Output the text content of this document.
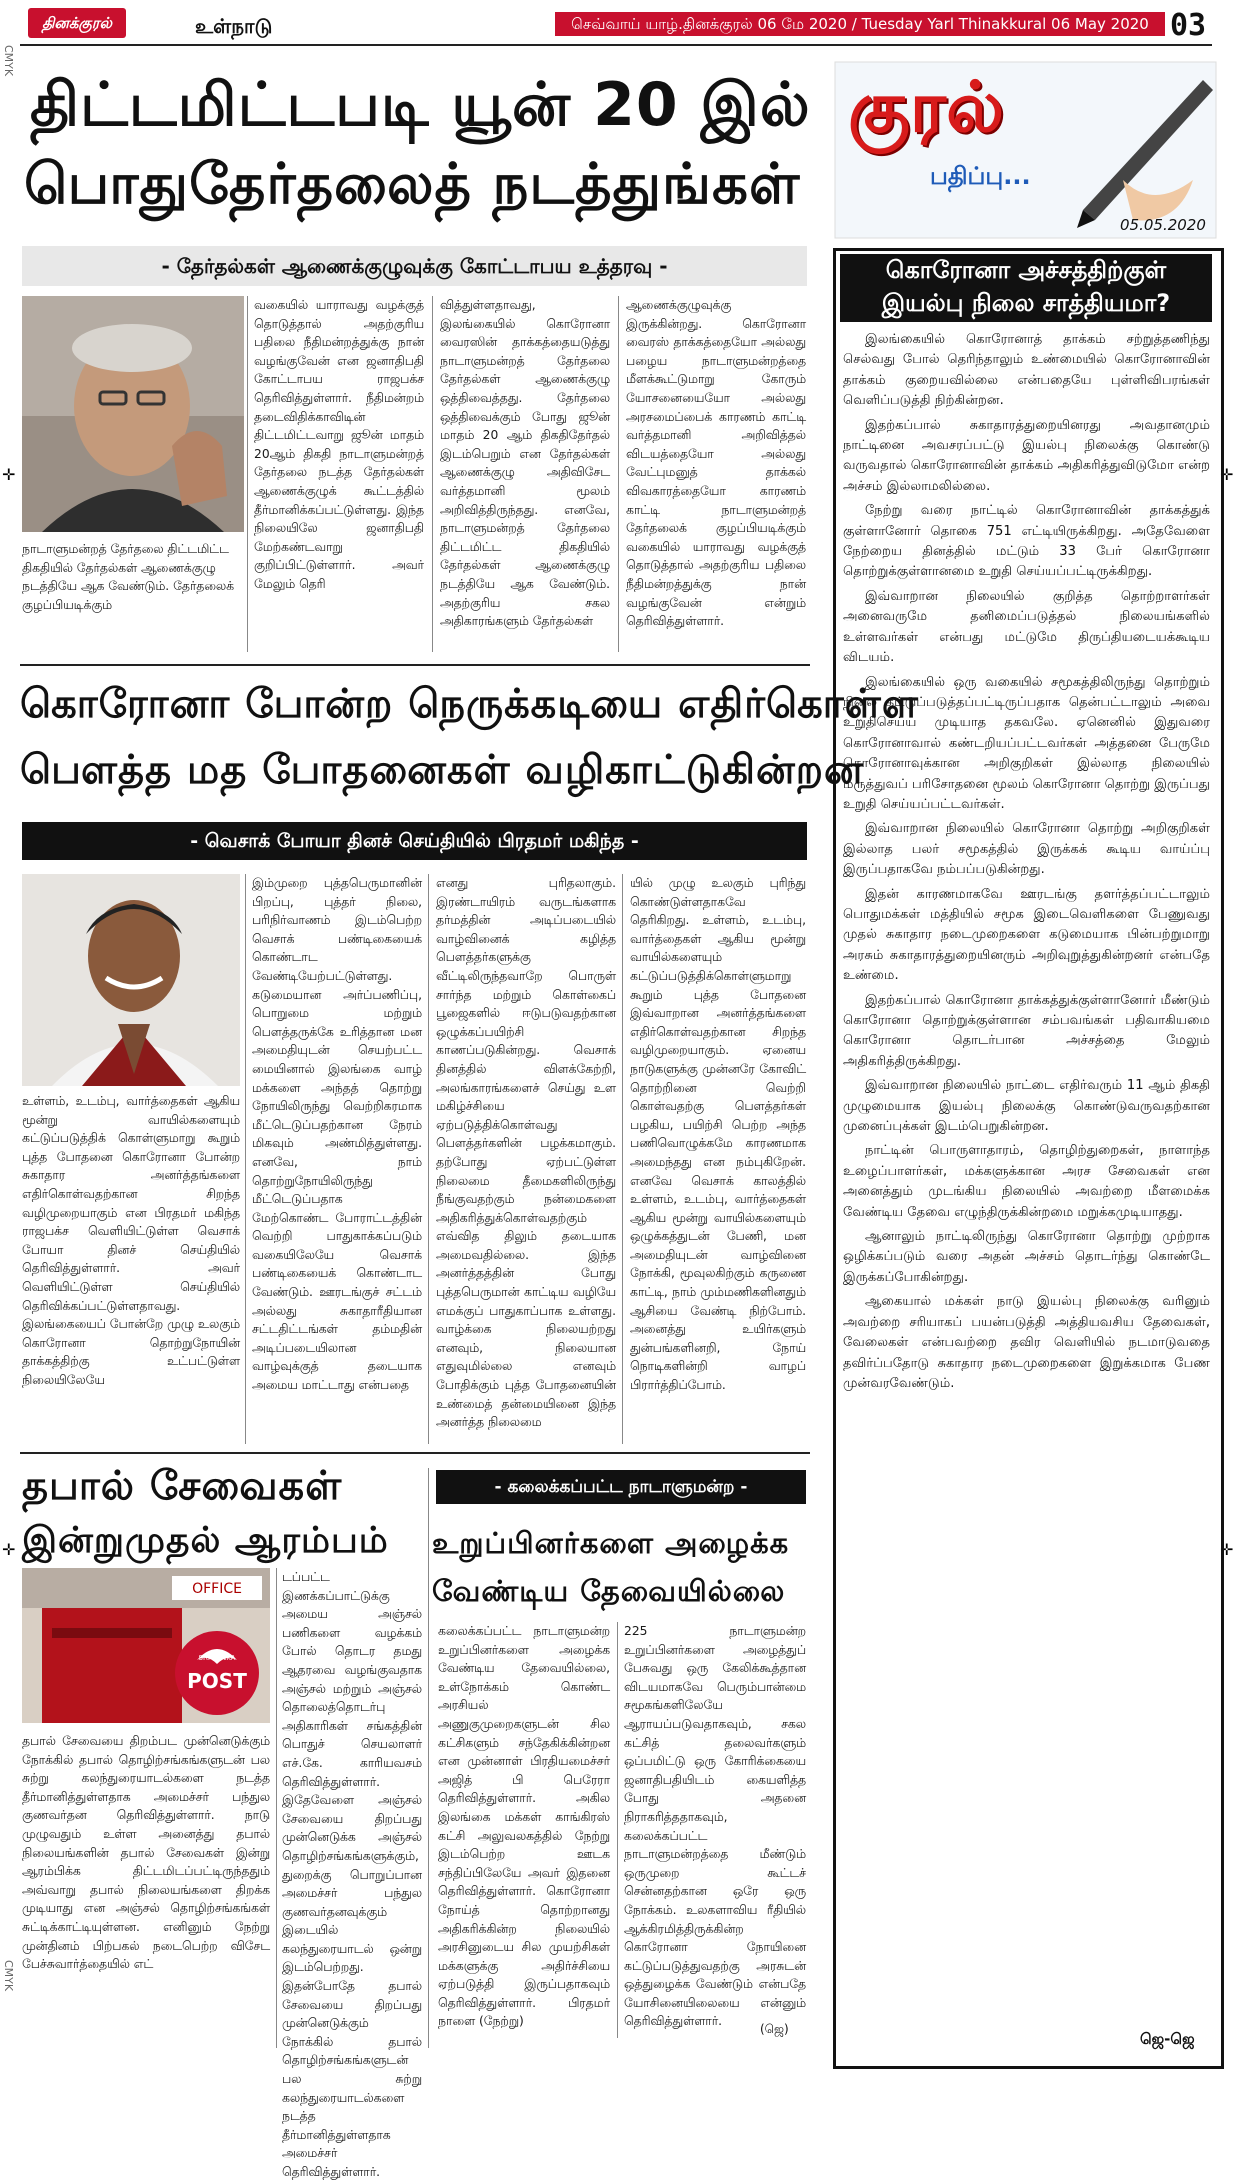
தினக்குரல்	உள்நாடு	செவ்வாய் யாழ்.தினக்குரல் 06 மே 2020 / Tuesday Yarl Thinakkural 06 May 2020 03
CMYK
CMYK
✛	✛
✛	✛
திட்டமிட்டபடி யூன் 20 இல்
பொதுதேர்தலைத் நடத்துங்கள்
- தேர்தல்கள் ஆணைக்குழுவுக்கு கோட்டாபய உத்தரவு -
நாடாளுமன்றத் தேர்தலை திட்டமிட்ட திகதியில் தேர்தல்கள் ஆணைக்குழு நடத்தியே ஆக வேண்டும். தேர்தலைக் குழப்பியடிக்கும்
வகையில் யாராவது வழக்குத் தொடுத்தால் அதற்குரிய பதிலை நீதிமன்றத்துக்கு நான் வழங்குவேன் என ஜனாதிபதி கோட்டாபய ராஜபக்ச தெரிவித்துள்ளார். நீதிமன்றம் தடைவிதிக்காவிடின் திட்டமிட்டவாறு ஜூன் மாதம் 20ஆம் திகதி நாடாளுமன்றத் தேர்தலை நடத்த தேர்தல்கள் ஆணைக்குழுக் கூட்டத்தில் தீர்மானிக்கப்பட்டுள்ளது. இந்த நிலையிலே ஜனாதிபதி மேற்கண்டவாறு குறிப்பிட்டுள்ளார். அவர் மேலும் தெரி
வித்துள்ளதாவது, இலங்கையில் கொரோனா வைரஸின் தாக்கத்தையடுத்து நாடாளுமன்றத் தேர்தலை தேர்தல்கள் ஆணைக்குழு ஒத்திவைத்தது. தேர்தலை ஒத்திவைக்கும் போது ஜூன் மாதம் 20 ஆம் திகதிதேர்தல் இடம்பெறும் என தேர்தல்கள் ஆணைக்குழு அதிவிசேட வர்த்தமானி மூலம் அறிவித்திருந்தது. எனவே, நாடாளுமன்றத் தேர்தலை திட்டமிட்ட திகதியில் தேர்தல்கள் ஆணைக்குழு நடத்தியே ஆக வேண்டும். அதற்குரிய சகல அதிகாரங்களும் தேர்தல்கள்
ஆணைக்குழுவுக்கு இருக்கின்றது. கொரோனா வைரஸ் தாக்கத்தையோ அல்லது பழைய நாடாளுமன்றத்தை மீளக்கூட்டுமாறு கோரும் யோசனையையோ அல்லது அரசமைப்பைக் காரணம் காட்டி வர்த்தமானி அறிவித்தல் விடயத்தையோ அல்லது வேட்புமனுத் தாக்கல் விவகாரத்தையோ காரணம் காட்டி நாடாளுமன்றத் தேர்தலைக் குழப்பியடிக்கும் வகையில் யாராவது வழக்குத் தொடுத்தால் அதற்குரிய பதிலை நீதிமன்றத்துக்கு நான் வழங்குவேன் என்றும் தெரிவித்துள்ளார்.
கொரோனா போன்ற நெருக்கடியை எதிர்கொள்ள
பௌத்த மத போதனைகள் வழிகாட்டுகின்றன
- வெசாக் போயா தினச் செய்தியில் பிரதமர் மகிந்த -
உள்ளம், உடம்பு, வார்த்தைகள் ஆகிய மூன்று வாயில்களையும் கட்டுப்படுத்திக் கொள்ளுமாறு கூறும் புத்த போதனை கொரோனா போன்ற சுகாதார அனர்த்தங்களை எதிர்கொள்வதற்கான சிறந்த வழிமுறையாகும் என பிரதமர் மகிந்த ராஜபக்ச வெளியிட்டுள்ள வெசாக் போயா தினச் செய்தியில் தெரிவித்துள்ளார். அவர் வெளியிட்டுள்ள செய்தியில் தெரிவிக்கப்பட்டுள்ளதாவது. இலங்கையைப் போன்றே முழு உலகும் கொரோனா தொற்றுநோயின் தாக்கத்திற்கு உட்பட்டுள்ள நிலையிலேயே
இம்முறை புத்தபெருமானின் பிறப்பு, புத்தர் நிலை, பரிநிர்வாணம் இடம்பெற்ற வெசாக் பண்டிகையைக் கொண்டாட வேண்டியேற்பட்டுள்ளது. கடுமையான அர்ப்பணிப்பு, பொறுமை மற்றும் பௌத்தருக்கே உரித்தான மன அமைதியுடன் செயற்பட்ட மையினால் இலங்கை வாழ் மக்களை அந்தத் தொற்று நோயிலிருந்து வெற்றிகரமாக மீட்டெடுப்பதற்கான நேரம் மிகவும் அண்மித்துள்ளது. எனவே, நாம் தொற்றுநோயிலிருந்து மீட்டெடுப்பதாக மேற்கொண்ட போராட்டத்தின் வெற்றி பாதுகாக்கப்படும் வகையிலேயே வெசாக் பண்டிகையைக் கொண்டாட வேண்டும். ஊரடங்குச் சட்டம் அல்லது சுகாதாரீதியான சட்டதிட்டங்கள் தம்மதின் அடிப்படையிலான வாழ்வுக்குத் தடையாக அமைய மாட்டாது என்பதை
எனது புரிதலாகும். இரண்டாயிரம் வருடங்களாக தர்மத்தின் அடிப்படையில் வாழ்வினைக் கழித்த பௌத்தர்களுக்கு வீட்டிலிருந்தவாறே பொருள் சார்ந்த மற்றும் கொள்கைப் பூஜைகளில் ஈடுபடுவதற்கான ஒழுக்கப்பயிற்சி காணப்படுகின்றது. வெசாக் தினத்தில் விளக்கேற்றி, அலங்காரங்களைச் செய்து உள மகிழ்ச்சியை ஏற்படுத்திக்கொள்வது பௌத்தர்களின் பழக்கமாகும். தற்போது ஏற்பட்டுள்ள நிலைமை தீமைகளிலிருந்து நீங்குவதற்கும் நன்மைகளை அதிகரித்துக்கொள்வதற்கும் எவ்வித திலும் தடையாக அமைவதில்லை. இந்த அனர்த்தத்தின் போது புத்தபெருமான் காட்டிய வழியே எமக்குப் பாதுகாப்பாக உள்ளது. வாழ்க்கை நிலையற்றது எனவும், நிலையான எதுவுமில்லை எனவும் போதிக்கும் புத்த போதனையின் உண்மைத் தன்மையினை இந்த அனர்த்த நிலைமை
யில் முழு உலகும் புரிந்து கொண்டுள்ளதாகவே தெரிகிறது. உள்ளம், உடம்பு, வார்த்தைகள் ஆகிய மூன்று வாயில்களையும் கட்டுப்படுத்திக்கொள்ளுமாறு கூறும் புத்த போதனை இவ்வாறான அனர்த்தங்களை எதிர்கொள்வதற்கான சிறந்த வழிமுறையாகும். ஏனைய நாடுகளுக்கு முன்னரே கோவிட் தொற்றினை வெற்றி கொள்வதற்கு பௌத்தர்கள் பழகிய, பயிற்சி பெற்ற அந்த பணிவொழுக்கமே காரணமாக அமைந்தது என நம்புகிறேன். எனவே வெசாக் காலத்தில் உள்ளம், உடம்பு, வார்த்தைகள் ஆகிய மூன்று வாயில்களையும் ஒழுக்கத்துடன் பேணி, மன அமைதியுடன் வாழ்வினை நோக்கி, மூவுலகிற்கும் கருணை காட்டி, நாம் மும்மணிகளினதும் ஆசியை வேண்டி நிற்போம். அனைத்து உயிர்களும் துன்பங்களினறி, நோய் நொடிகளின்றி வாழப் பிரார்த்திப்போம்.
தபால் சேவைகள்
இன்றுமுதல் ஆரம்பம்
OFFICE
SRI LANKA
POST
டப்பட்ட இணக்கப்பாட்டுக்கு அமைய அஞ்சல் பணிகளை வழக்கம் போல் தொடர தமது ஆதரவை வழங்குவதாக அஞ்சல் மற்றும் அஞ்சல் தொலைத்தொடர்பு அதிகாரிகள் சங்கத்தின் பொதுச் செயலாளர் எச்.கே. காரியவசம் தெரிவித்துள்ளார். இதேவேளை அஞ்சல் சேவையை திறப்பது முன்னெடுக்க அஞ்சல் தொழிற்சங்கங்களுக்கும், துறைக்கு பொறுப்பான அமைச்சர் பந்துல குணவர்தனவுக்கும் இடையில் கலந்துரையாடல் ஒன்று இடம்பெற்றது. இதன்போதே தபால் சேவையை திறப்பது முன்னெடுக்கும் நோக்கில் தபால் தொழிற்சங்கங்களுடன் பல சுற்று கலந்துரையாடல்களை நடத்த தீர்மானித்துள்ளதாக அமைச்சர் தெரிவித்துள்ளார்.
தபால் சேவையை திறம்பட முன்னெடுக்கும் நோக்கில் தபால் தொழிற்சங்கங்களுடன் பல சுற்று கலந்துரையாடல்களை நடத்த தீர்மானித்துள்ளதாக அமைச்சர் பந்துல குணவர்தன தெரிவித்துள்ளார். நாடு முழுவதும் உள்ள அனைத்து தபால் நிலையங்களின் தபால் சேவைகள் இன்று ஆரம்பிக்க திட்டமிடப்பட்டிருந்ததும் அவ்வாறு தபால் நிலையங்களை திறக்க முடியாது என அஞ்சல் தொழிற்சங்கங்கள் சுட்டிக்காட்டியுள்ளன. எனினும் நேற்று முன்தினம் பிற்பகல் நடைபெற்ற விசேட பேச்சுவார்த்தையில் எட்
- கலைக்கப்பட்ட நாடாளுமன்ற -
உறுப்பினர்களை அழைக்க
வேண்டிய தேவையில்லை
கலைக்கப்பட்ட நாடாளுமன்ற உறுப்பினர்களை அழைக்க வேண்டிய தேவையில்லை, உள்நோக்கம் கொண்ட அரசியல் அணுகுமுறைகளுடன் சில கட்சிகளும் சந்தேகிக்கின்றன என முன்னாள் பிரதியமைச்சர் அஜித் பி பெரேரா தெரிவித்துள்ளார். அகில இலங்கை மக்கள் காங்கிரஸ் கட்சி அலுவலகத்தில் நேற்று இடம்பெற்ற ஊடக சந்திப்பிலேயே அவர் இதனை தெரிவித்துள்ளார். கொரோனா நோய்த் தொற்றானது அதிகரிக்கின்ற நிலையில் அரசினுடைய சில முயற்சிகள் மக்களுக்கு அதிர்ச்சியை ஏற்படுத்தி இருப்பதாகவும் தெரிவித்துள்ளார். பிரதமர் நாளை (நேற்று)
225 நாடாளுமன்ற உறுப்பினர்களை அழைத்துப் பேசுவது ஒரு கேலிக்கூத்தான விடயமாகவே பெரும்பான்மை சமூகங்களிலேயே ஆராயப்படுவதாகவும், சகல கட்சித் தலைவர்களும் ஒப்பமிட்டு ஒரு கோரிக்கையை ஜனாதிபதியிடம் கையளித்த போது அதனை நிராகரித்ததாகவும், கலைக்கப்பட்ட நாடாளுமன்றத்தை மீண்டும் ஒருமுறை கூட்டச் சென்னதற்கான ஒரே ஒரு நோக்கம். உலகளாவிய ரீதியில் ஆக்கிரமித்திருக்கின்ற கொரோனா நோயினை கட்டுப்படுத்துவதற்கு அரசுடன் ஒத்துழைக்க வேண்டும் என்பதே யோசினையிலையை என்னும் தெரிவித்துள்ளார்.
(ஜெ)
குரல்
பதிப்பு...
05.05.2020
கொரோனா அச்சத்திற்குள்
இயல்பு நிலை சாத்தியமா?

இலங்கையில் கொரோனாத் தாக்கம் சற்றுத்தணிந்து செல்வது போல் தெரிந்தாலும் உண்மையில் கொரோனாவின் தாக்கம் குறையவில்லை என்பதையே புள்ளிவிபரங்கள் வெளிப்படுத்தி நிற்கின்றன.

இதற்கப்பால் சுகாதாரத்துறையினரது அவதானமும் நாட்டினை அவசரப்பட்டு இயல்பு நிலைக்கு கொண்டு வருவதால் கொரோனாவின் தாக்கம் அதிகரித்துவிடுமோ என்ற அச்சம் இல்லாமலில்லை.

நேற்று வரை நாட்டில் கொரோனாவின் தாக்கத்துக் குள்ளானோர் தொகை 751 எட்டியிருக்கிறது. அதேவேளை நேற்றைய தினத்தில் மட்டும் 33 பேர் கொரோனா தொற்றுக்குள்ளானமை உறுதி செய்யப்பட்டிருக்கிறது.

இவ்வாறான நிலையில் குறித்த தொற்றாளர்கள் அனைவருமே தனிமைப்படுத்தல் நிலையங்களில் உள்ளவர்கள் என்பது மட்டுமே திருப்தியடையக்கூடிய விடயம்.

இலங்கையில் ஒரு வகையில் சமூகத்திலிருந்து தொற்றும் நிலை கட்டுப்படுத்தப்பட்டிருப்பதாக தென்பட்டாலும் அவை உறுதிசெய்ய முடியாத தகவலே. ஏனெனில் இதுவரை கொரோனாவால் கண்டறியப்பட்டவர்கள் அத்தனை பேருமே கொரோனாவுக்கான அறிகுறிகள் இல்லாத நிலையில் மருத்துவப் பரிசோதனை மூலம் கொரோனா தொற்று இருப்பது உறுதி செய்யப்பட்டவர்கள்.

இவ்வாறான நிலையில் கொரோனா தொற்று அறிகுறிகள் இல்லாத பலர் சமூகத்தில் இருக்கக் கூடிய வாய்ப்பு இருப்பதாகவே நம்பப்படுகின்றது.

இதன் காரணமாகவே ஊரடங்கு தளர்த்தப்பட்டாலும் பொதுமக்கள் மத்தியில் சமூக இடைவெளிகளை பேணுவது முதல் சுகாதார நடைமுறைகளை கடுமையாக பின்பற்றுமாறு அரசும் சுகாதாரத்துறையினரும் அறிவுறுத்துகின்றனர் என்பதே உண்மை.

இதற்கப்பால் கொரோனா தாக்கத்துக்குள்ளானோர் மீண்டும் கொரோனா தொற்றுக்குள்ளான சம்பவங்கள் பதிவாகியமை கொரோனா தொடர்பான அச்சத்தை மேலும் அதிகரித்திருக்கிறது.

இவ்வாறான நிலையில் நாட்டை எதிர்வரும் 11 ஆம் திகதி முழுமையாக இயல்பு நிலைக்கு கொண்டுவருவதற்கான முனைப்புக்கள் இடம்பெறுகின்றன.

நாட்டின் பொருளாதாரம், தொழிற்துறைகள், நாளாந்த உழைப்பாளர்கள், மக்களுக்கான அரச சேவைகள் என அனைத்தும் முடங்கிய நிலையில் அவற்றை மீளமைக்க வேண்டிய தேவை எழுந்திருக்கின்றமை மறுக்கமுடியாதது.

ஆனாலும் நாட்டிலிருந்து கொரோனா தொற்று முற்றாக ஒழிக்கப்படும் வரை அதன் அச்சம் தொடர்ந்து கொண்டே இருக்கப்போகின்றது.

ஆகையால் மக்கள் நாடு இயல்பு நிலைக்கு வரினும் அவற்றை சரியாகப் பயன்படுத்தி அத்தியவசிய தேவைகள், வேலைகள் என்பவற்றை தவிர வெளியில் நடமாடுவதை தவிர்ப்பதோடு சுகாதார நடைமுறைகளை இறுக்கமாக பேண முன்வரவேண்டும்.

ஜெ-ஜெ
